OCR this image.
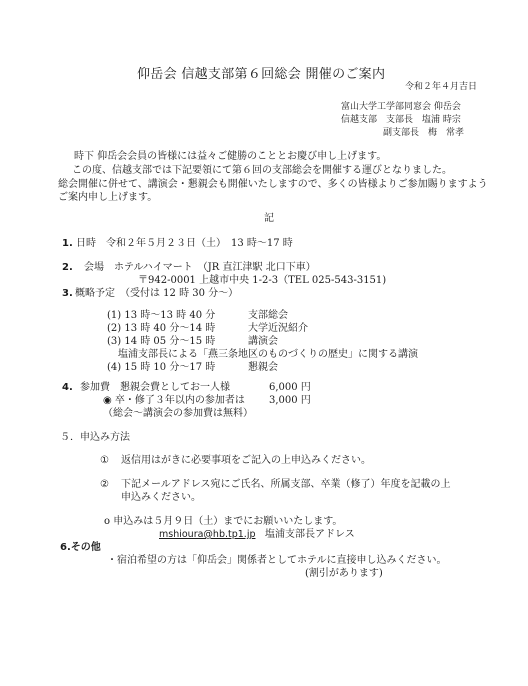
仰岳会 信越支部第６回総会 開催のご案内
令和２年４月吉日
富山大学工学部同窓会 仰岳会
信越支部　支部長　塩浦 時宗
副支部長　梅　常孝
時下 仰岳会会員の皆様には益々ご健勝のこととお慶び申し上げます。
この度、信越支部では下記要領にて第６回の支部総会を開催する運びとなりました。
総会開催に併せて、講演会・懇親会も開催いたしますので、多くの皆様よりご参加賜りますよう
ご案内申し上げます。
記
1. 日時　令和２年５月２３日（土）　13 時～17 時
2. 会場　ホテルハイマート　（JR 直江津駅 北口下車）
〒942-0001 上越市中央 1-2-3（TEL 025-543-3151)
3. 概略予定　（受付は 12 時 30 分～）
(1) 13 時～13 時 40 分	支部総会
(2) 13 時 40 分～14 時	大学近況紹介
(3) 14 時 05 分～15 時	講演会
塩浦支部長による「燕三条地区のものづくりの歴史」に関する講演
(4) 15 時 10 分～17 時	懇親会
4. 参加費　懇親会費としてお一人様	6,000 円
◉ 卒・修了３年以内の参加者は 3,000 円
（総会～講演会の参加費は無料）
５．申込み方法
① 返信用はがきに必要事項をご記入の上申込みください。
② 下記メールアドレス宛にご氏名、所属支部、卒業（修了）年度を記載の上
申込みください。
o 申込みは５月９日（土）までにお願いいたします。
mshioura@hb.tp1.jp 塩浦支部長アドレス
6.その他
・宿泊希望の方は「仰岳会」関係者としてホテルに直接申し込みください。
(割引があります)
